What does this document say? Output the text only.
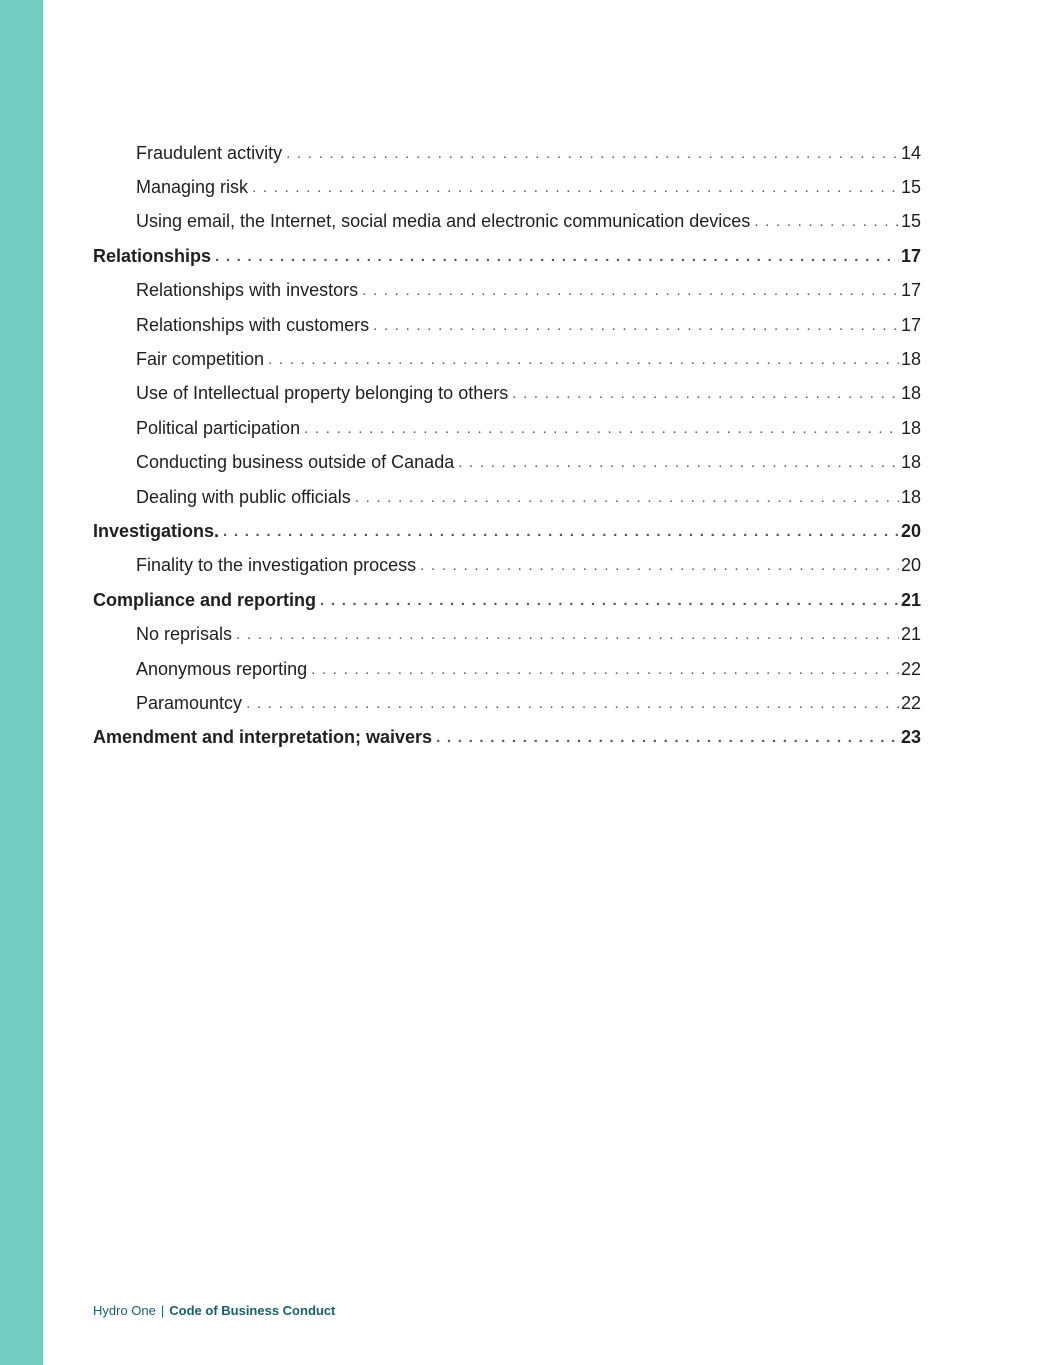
Fraudulent activity . . .	14
Managing risk . . .	15
Using email, the Internet, social media and electronic communication devices . . .	15
Relationships . . .	17
Relationships with investors . . .	17
Relationships with customers . . .	17
Fair competition . . .	18
Use of Intellectual property belonging to others . . .	18
Political participation . . .	18
Conducting business outside of Canada . . .	18
Dealing with public officials . . .	18
Investigations. . . .	20
Finality to the investigation process . . .	20
Compliance and reporting . . .	21
No reprisals . . .	21
Anonymous reporting . . .	22
Paramountcy . . .	22
Amendment and interpretation; waivers . . .	23
Hydro One | Code of Business Conduct
